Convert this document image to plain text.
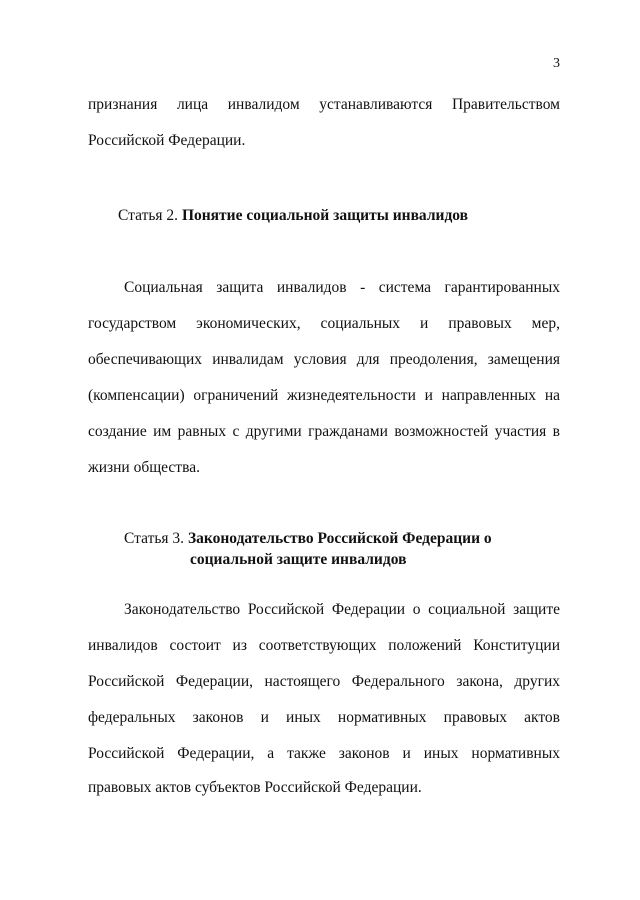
3
признания лица инвалидом устанавливаются Правительством
Российской Федерации.
Статья 2. Понятие социальной защиты инвалидов
Социальная защита инвалидов - система гарантированных
государством экономических, социальных и правовых мер,
обеспечивающих инвалидам условия для преодоления, замещения
(компенсации) ограничений жизнедеятельности и направленных на
создание им равных с другими гражданами возможностей участия в
жизни общества.
Статья 3. Законодательство Российской Федерации о
социальной защите инвалидов
Законодательство Российской Федерации о социальной защите
инвалидов состоит из соответствующих положений Конституции
Российской Федерации, настоящего Федерального закона, других
федеральных законов и иных нормативных правовых актов
Российской Федерации, а также законов и иных нормативных
правовых актов субъектов Российской Федерации.
